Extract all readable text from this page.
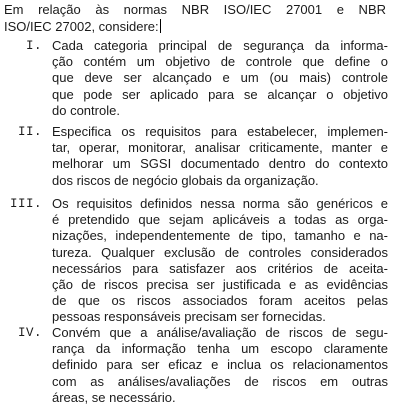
Em relação às normas NBR ISO/IEC 27001 e NBR
ISO/IEC 27002, considere:
I. Cada categoria principal de segurança da informa-
ção contém um objetivo de controle que define o
que deve ser alcançado e um (ou mais) controle
que pode ser aplicado para se alcançar o objetivo
do controle.
II. Especifica os requisitos para estabelecer, implemen-
tar, operar, monitorar, analisar criticamente, manter e
melhorar um SGSI documentado dentro do contexto
dos riscos de negócio globais da organização.
III. Os requisitos definidos nessa norma são genéricos e
é pretendido que sejam aplicáveis a todas as orga-
nizações, independentemente de tipo, tamanho e na-
tureza. Qualquer exclusão de controles considerados
necessários para satisfazer aos critérios de aceita-
ção de riscos precisa ser justificada e as evidências
de que os riscos associados foram aceitos pelas
pessoas responsáveis precisam ser fornecidas.
IV. Convém que a análise/avaliação de riscos de segu-
rança da informação tenha um escopo claramente
definido para ser eficaz e inclua os relacionamentos
com as análises/avaliações de riscos em outras
áreas, se necessário.
